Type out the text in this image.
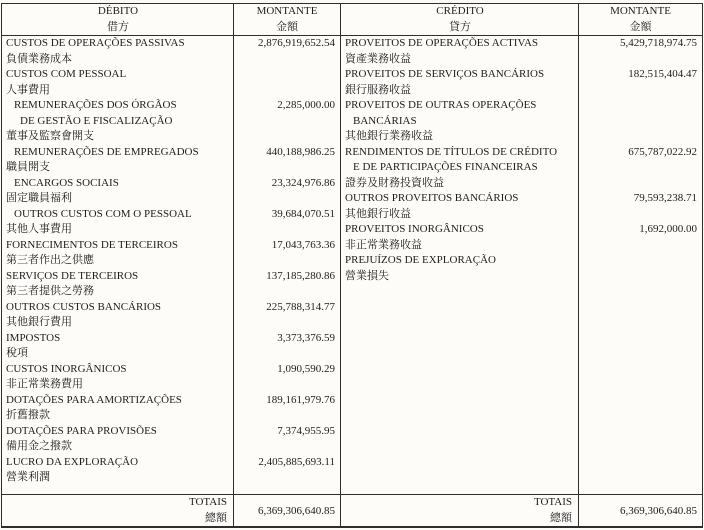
DÉBITO
借方
MONTANTE
金額
CUSTOS DE OPERAÇÕES PASSIVAS	2,876,919,652.54
負債業務成本
CUSTOS COM PESSOAL
人事費用
REMUNERAÇÕES DOS ÓRGÃOS	2,285,000.00
DE GESTÃO E FISCALIZAÇÃO
董事及監察會開支
REMUNERAÇÕES DE EMPREGADOS	440,188,986.25
職員開支
ENCARGOS SOCIAIS	23,324,976.86
固定職員福利
OUTROS CUSTOS COM O PESSOAL	39,684,070.51
其他人事費用
FORNECIMENTOS DE TERCEIROS	17,043,763.36
第三者作出之供應
SERVIÇOS DE TERCEIROS	137,185,280.86
第三者提供之勞務
OUTROS CUSTOS BANCÁRIOS	225,788,314.77
其他銀行費用
IMPOSTOS	3,373,376.59
稅項
CUSTOS INORGÂNICOS	1,090,590.29
非正常業務費用
DOTAÇÕES PARA AMORTIZAÇÕES	189,161,979.76
折舊撥款
DOTAÇÕES PARA PROVISÕES	7,374,955.95
備用金之撥款
LUCRO DA EXPLORAÇÃO	2,405,885,693.11
營業利潤
TOTAIS
總額
6,369,306,640.85
CRÉDITO
貸方
MONTANTE
金額
PROVEITOS DE OPERAÇÕES ACTIVAS	5,429,718,974.75
資產業務收益
PROVEITOS DE SERVIÇOS BANCÁRIOS	182,515,404.47
銀行服務收益
PROVEITOS DE OUTRAS OPERAÇÕES
BANCÁRIAS
其他銀行業務收益
RENDIMENTOS DE TÍTULOS DE CRÉDITO	675,787,022.92
E DE PARTICIPAÇÕES FINANCEIRAS
證券及財務投資收益
OUTROS PROVEITOS BANCÁRIOS	79,593,238.71
其他銀行收益
PROVEITOS INORGÂNICOS	1,692,000.00
非正常業務收益
PREJUÍZOS DE EXPLORAÇÃO
營業損失
TOTAIS
總額
6,369,306,640.85
